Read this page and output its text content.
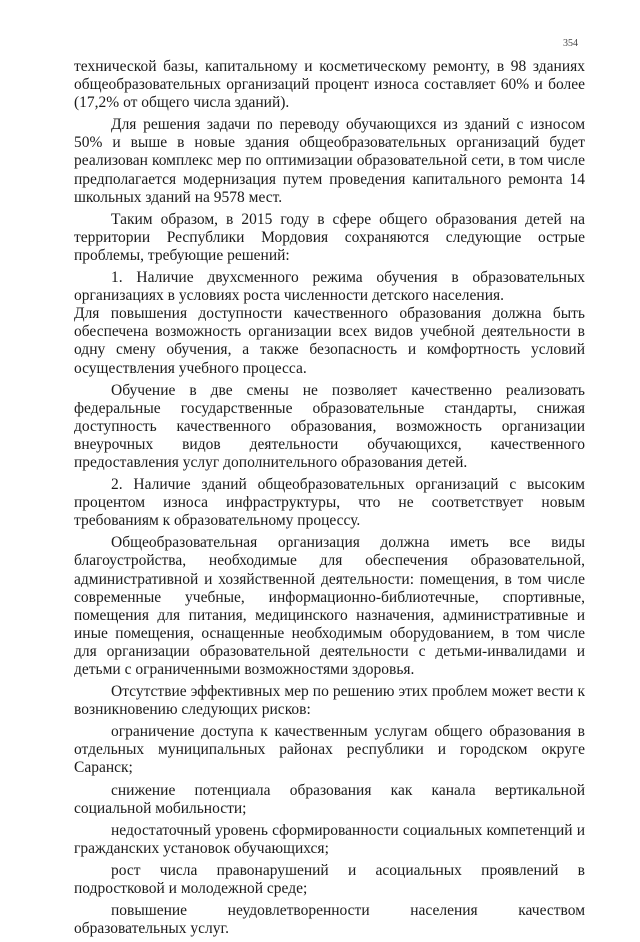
354

технической базы, капитальному и косметическому ремонту, в 98 зданиях общеобразовательных организаций процент износа составляет 60% и более (17,2% от общего числа зданий).

Для решения задачи по переводу обучающихся из зданий с износом 50% и выше в новые здания общеобразовательных организаций будет реализован комплекс мер по оптимизации образовательной сети, в том числе предполагается модернизация путем проведения капитального ремонта 14 школьных зданий на 9578 мест.

Таким образом, в 2015 году в сфере общего образования детей на территории Республики Мордовия сохраняются следующие острые проблемы, требующие решений:

1. Наличие двухсменного режима обучения в образовательных организациях в условиях роста численности детского населения.

Для повышения доступности качественного образования должна быть обеспечена возможность организации всех видов учебной деятельности в одну смену обучения, а также безопасность и комфортность условий осуществления учебного процесса.

Обучение в две смены не позволяет качественно реализовать федеральные государственные образовательные стандарты, снижая доступность качественного образования, возможность организации внеурочных видов деятельности обучающихся, качественного предоставления услуг дополнительного образования детей.

2. Наличие зданий общеобразовательных организаций с высоким процентом износа инфраструктуры, что не соответствует новым требованиям к образовательному процессу.

Общеобразовательная организация должна иметь все виды благоустройства, необходимые для обеспечения образовательной, административной и хозяйственной деятельности: помещения, в том числе современные учебные, информационно-библиотечные, спортивные, помещения для питания, медицинского назначения, административные и иные помещения, оснащенные необходимым оборудованием, в том числе для организации образовательной деятельности с детьми-инвалидами и детьми с ограниченными возможностями здоровья.

Отсутствие эффективных мер по решению этих проблем может вести к возникновению следующих рисков:

ограничение доступа к качественным услугам общего образования в отдельных муниципальных районах республики и городском округе Саранск;

снижение потенциала образования как канала вертикальной социальной мобильности;

недостаточный уровень сформированности социальных компетенций и гражданских установок обучающихся;

рост числа правонарушений и асоциальных проявлений в подростковой и молодежной среде;

повышение неудовлетворенности населения качеством образовательных услуг.
